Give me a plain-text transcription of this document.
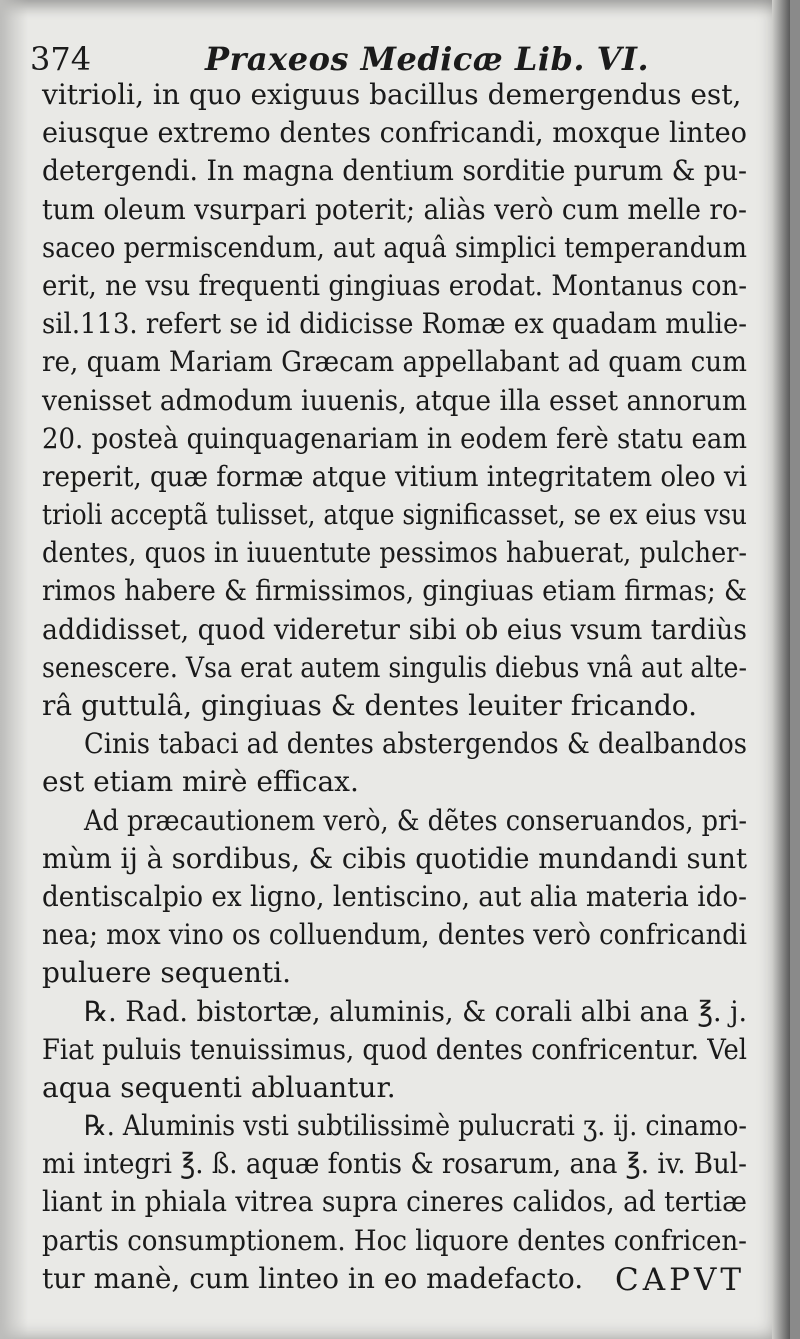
374	Praxeos Medicæ Lib. VI.
vitrioli, in quo exiguus bacillus demergendus est,
eiusque extremo dentes confricandi, moxque linteo
detergendi. In magna dentium sorditie purum & pu-
tum oleum vsurpari poterit; aliàs verò cum melle ro-
saceo permiscendum, aut aquâ simplici temperandum
erit, ne vsu frequenti gingiuas erodat. Montanus con-
sil.113. refert se id didicisse Romæ ex quadam mulie-
re, quam Mariam Græcam appellabant ad quam cum
venisset admodum iuuenis, atque illa esset annorum
20. posteà quinquagenariam in eodem ferè statu eam
reperit, quæ formæ atque vitium integritatem oleo vi
trioli acceptã tulisset, atque significasset, se ex eius vsu
dentes, quos in iuuentute pessimos habuerat, pulcher-
rimos habere & firmissimos, gingiuas etiam firmas; &
addidisset, quod videretur sibi ob eius vsum tardiùs
senescere. Vsa erat autem singulis diebus vnâ aut alte-
râ guttulâ, gingiuas & dentes leuiter fricando.
Cinis tabaci ad dentes abstergendos & dealbandos
est etiam mirè efficax.
Ad præcautionem verò, & dẽtes conseruandos, pri-
mùm ij à sordibus, & cibis quotidie mundandi sunt
dentiscalpio ex ligno, lentiscino, aut alia materia ido-
nea; mox vino os colluendum, dentes verò confricandi
puluere sequenti.
℞. Rad. bistortæ, aluminis, & corali albi ana ℥. j.
Fiat puluis tenuissimus, quod dentes confricentur. Vel
aqua sequenti abluantur.
℞. Aluminis vsti subtilissimè pulucrati ʒ. ij. cinamo-
mi integri ℥. ß. aquæ fontis & rosarum, ana ℥. iv. Bul-
liant in phiala vitrea supra cineres calidos, ad tertiæ
partis consumptionem. Hoc liquore dentes confricen-
tur manè, cum linteo in eo madefacto.	CAPVT
